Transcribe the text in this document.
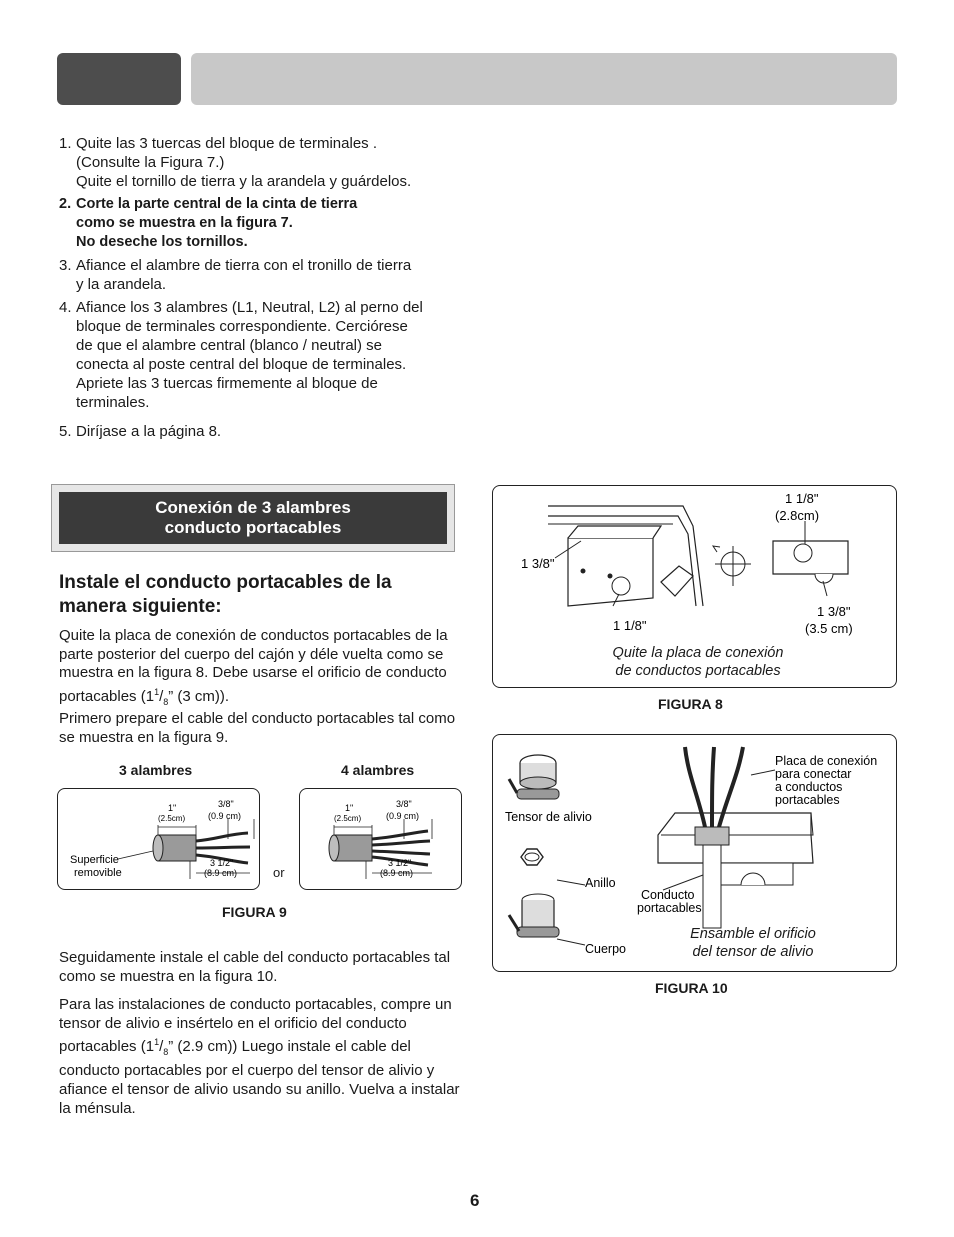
1. Quite las 3 tuercas del bloque de terminales .
(Consulte la Figura 7.)
Quite el tornillo de tierra y la arandela y guárdelos.
2. Corte la parte central de la cinta de tierra
como se muestra en la figura 7.
No deseche los tornillos.
3. Afiance el alambre de tierra con el tronillo de tierra
y la arandela.
4. Afiance los 3 alambres (L1, Neutral, L2) al perno del
bloque de terminales correspondiente. Cerciórese
de que el alambre central (blanco / neutral) se
conecta al poste central del bloque de terminales.
Apriete las 3 tuercas firmemente al bloque de
terminales.
5. Diríjase a la página 8.
Conexión de 3 alambres
conducto portacables
Instale el conducto portacables de la
manera siguiente:
Quite la placa de conexión de conductos portacables de la parte posterior del cuerpo del cajón y déle vuelta como se muestra en la figura 8. Debe usarse el orificio de conducto portacables ($1^1/_8$” (3 cm)).
Primero prepare el cable del conducto portacables tal como se muestra en la figura 9.
3 alambres	4 alambres
1"
(2.5cm)
3/8"
(0.9 cm)
3 1/2"
(8.9 cm)
Superficie
removible	or
1"
(2.5cm)
3/8"
(0.9 cm)
3 1/2"
(8.9 cm)
FIGURA 9
Seguidamente instale el cable del conducto portacables tal como se muestra en la figura 10.
Para las instalaciones de conducto portacables, compre un tensor de alivio e insértelo en el orificio del conducto portacables ($1^1/_8$” (2.9 cm)) Luego instale el cable del conducto portacables por el cuerpo del tensor de alivio y afiance el tensor de alivio usando su anillo. Vuelva a instalar la ménsula.
1 3/8"
1 1/8"
1 1/8"
(2.8cm)
1 3/8"
(3.5 cm)
Quite la placa de conexión
de conductos portacables
FIGURA 8
Tensor de alivio
Anillo
Cuerpo
Placa de conexión
para conectar
a conductos
portacables
Conducto
portacables
Ensamble el orificio
del tensor de alivio
FIGURA 10
6
